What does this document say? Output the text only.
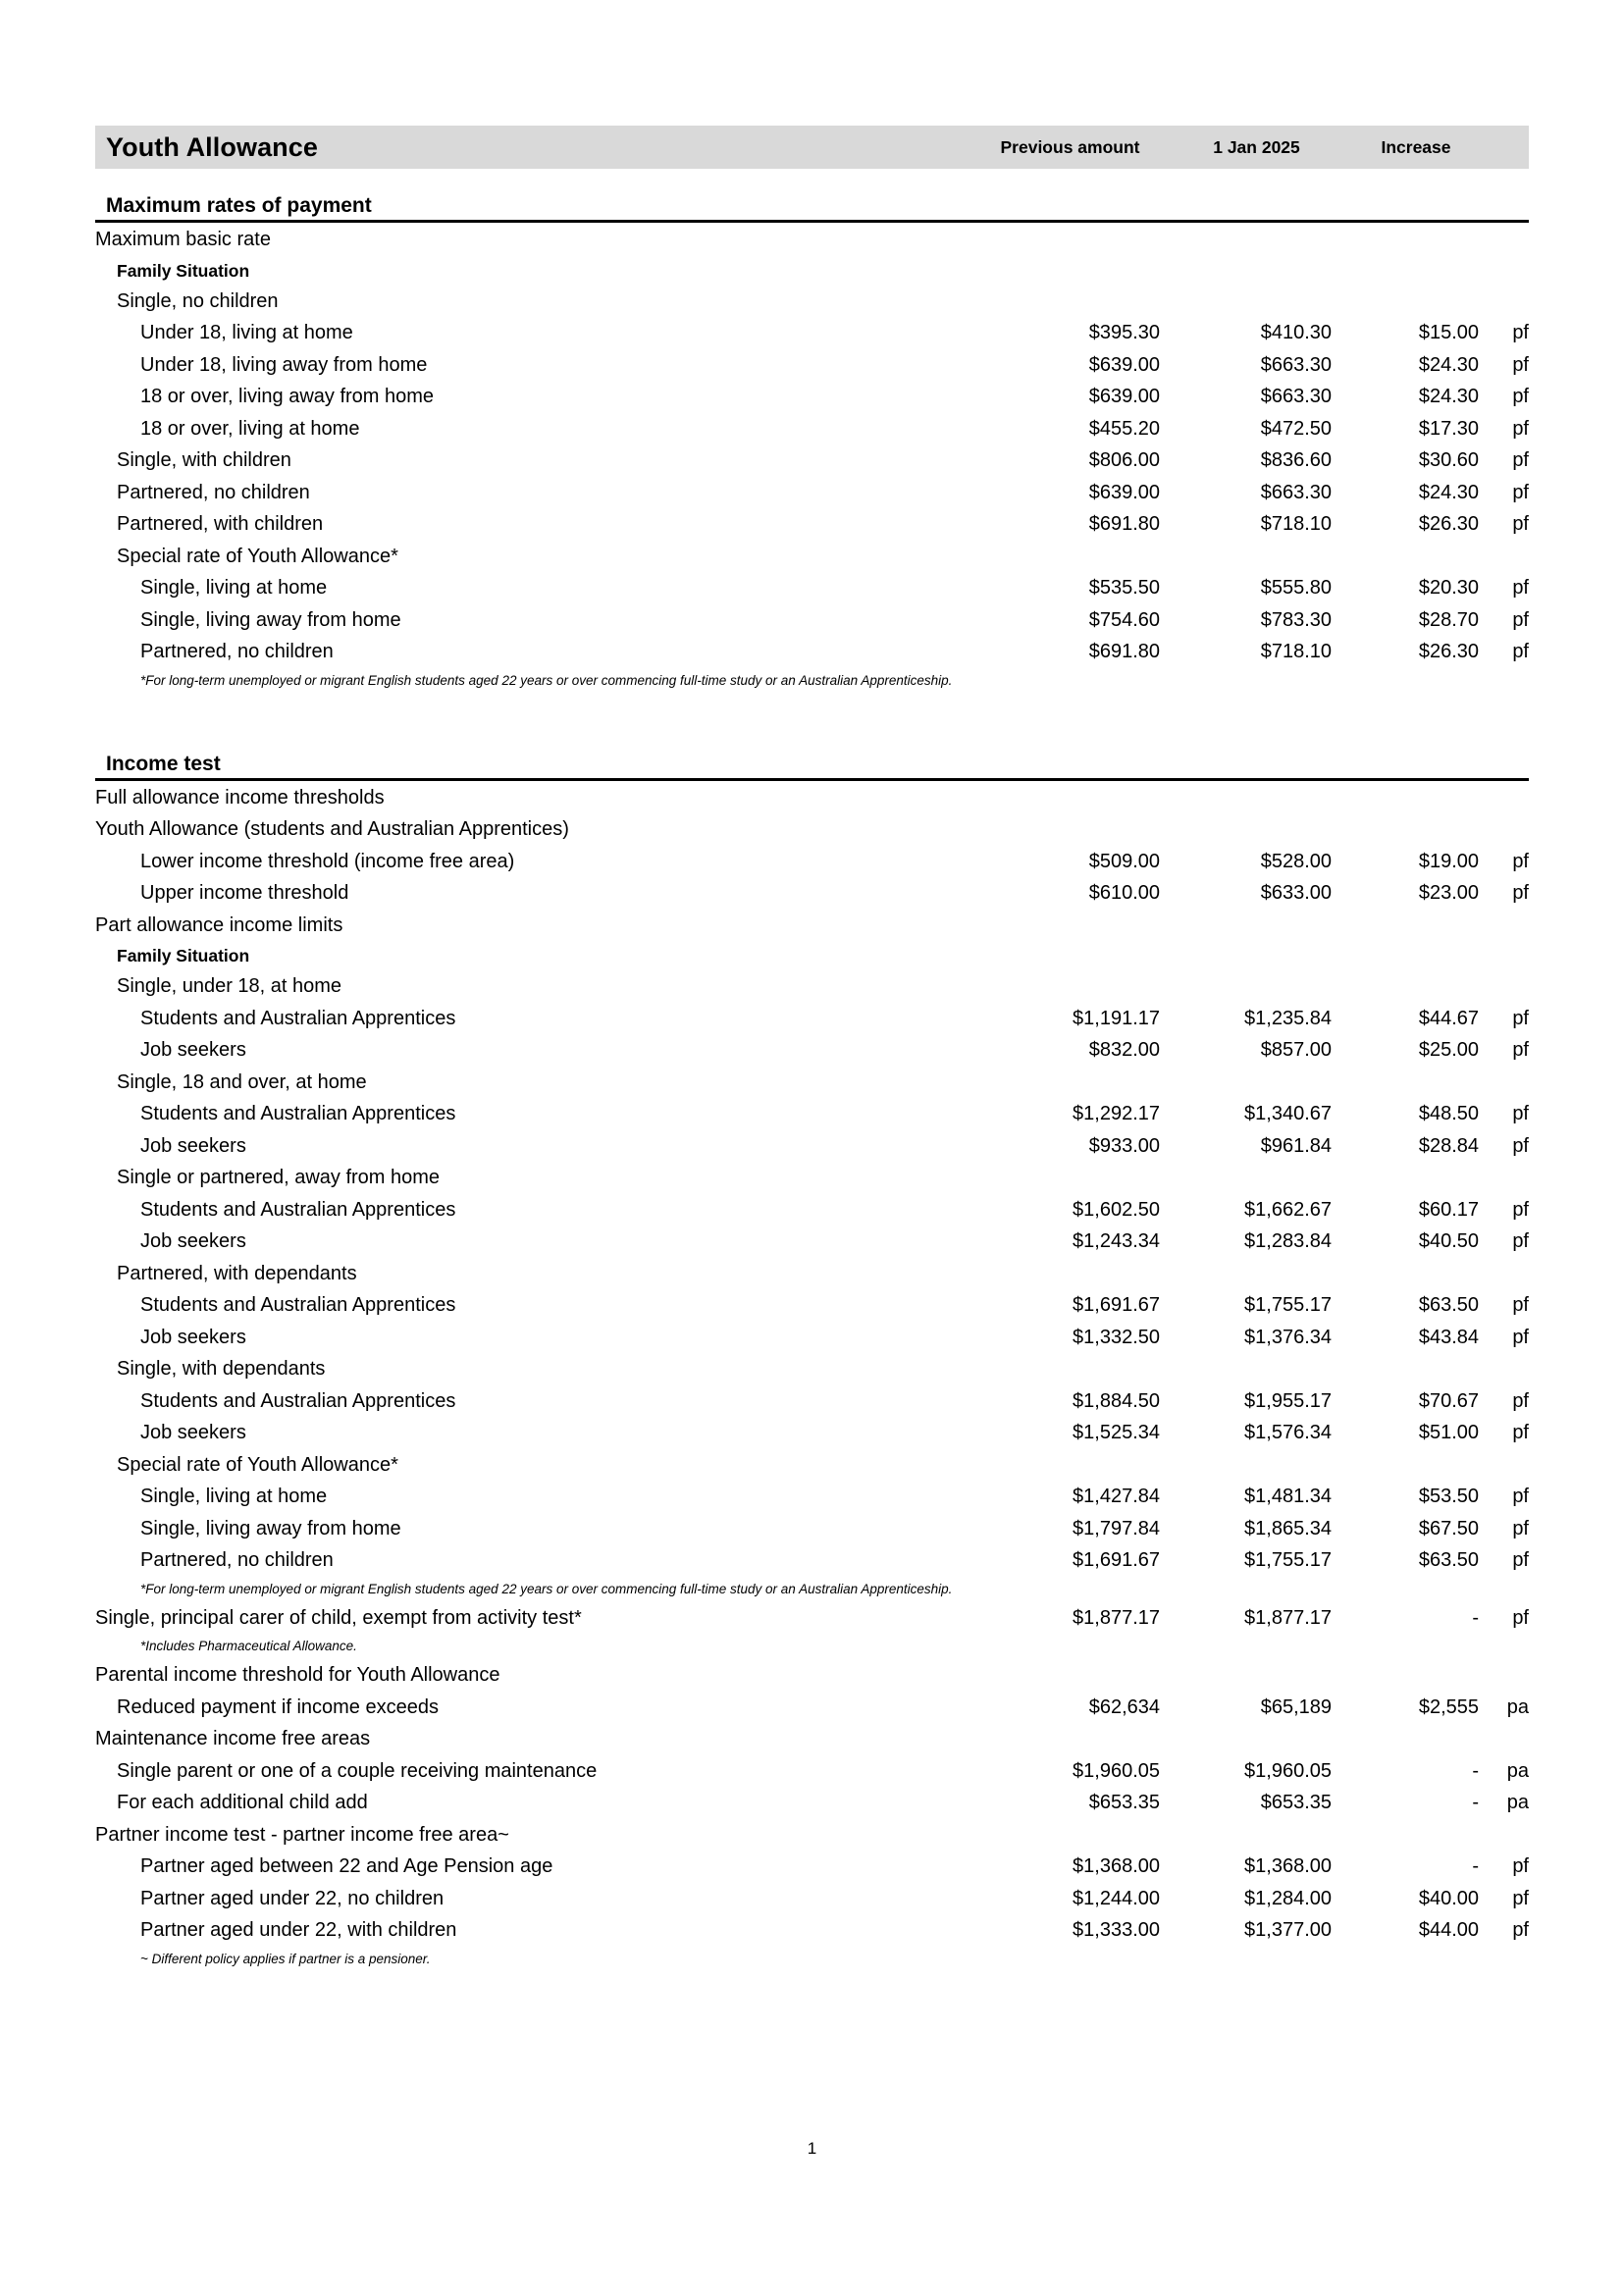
Youth Allowance	Previous amount	1 Jan 2025	Increase
Maximum rates of payment
Maximum basic rate
Family Situation
Single, no children
Under 18, living at home	$395.30	$410.30	$15.00	pf
Under 18, living away from home	$639.00	$663.30	$24.30	pf
18 or over, living away from home	$639.00	$663.30	$24.30	pf
18 or over, living at home	$455.20	$472.50	$17.30	pf
Single, with children	$806.00	$836.60	$30.60	pf
Partnered, no children	$639.00	$663.30	$24.30	pf
Partnered, with children	$691.80	$718.10	$26.30	pf
Special rate of Youth Allowance*
Single, living at home	$535.50	$555.80	$20.30	pf
Single, living away from home	$754.60	$783.30	$28.70	pf
Partnered, no children	$691.80	$718.10	$26.30	pf
*For long-term unemployed or migrant English students aged 22 years or over commencing full-time study or an Australian Apprenticeship.
Income test
Full allowance income thresholds
Youth Allowance (students and Australian Apprentices)
Lower income threshold (income free area)	$509.00	$528.00	$19.00	pf
Upper income threshold	$610.00	$633.00	$23.00	pf
Part allowance income limits
Family Situation
Single, under 18, at home
Students and Australian Apprentices	$1,191.17	$1,235.84	$44.67	pf
Job seekers	$832.00	$857.00	$25.00	pf
Single, 18 and over, at home
Students and Australian Apprentices	$1,292.17	$1,340.67	$48.50	pf
Job seekers	$933.00	$961.84	$28.84	pf
Single or partnered, away from home
Students and Australian Apprentices	$1,602.50	$1,662.67	$60.17	pf
Job seekers	$1,243.34	$1,283.84	$40.50	pf
Partnered, with dependants
Students and Australian Apprentices	$1,691.67	$1,755.17	$63.50	pf
Job seekers	$1,332.50	$1,376.34	$43.84	pf
Single, with dependants
Students and Australian Apprentices	$1,884.50	$1,955.17	$70.67	pf
Job seekers	$1,525.34	$1,576.34	$51.00	pf
Special rate of Youth Allowance*
Single, living at home	$1,427.84	$1,481.34	$53.50	pf
Single, living away from home	$1,797.84	$1,865.34	$67.50	pf
Partnered, no children	$1,691.67	$1,755.17	$63.50	pf
*For long-term unemployed or migrant English students aged 22 years or over commencing full-time study or an Australian Apprenticeship.
Single, principal carer of child, exempt from activity test*	$1,877.17	$1,877.17	-	pf
*Includes Pharmaceutical Allowance.
Parental income threshold for Youth Allowance
Reduced payment if income exceeds	$62,634	$65,189	$2,555	pa
Maintenance income free areas
Single parent or one of a couple receiving maintenance	$1,960.05	$1,960.05	-	pa
For each additional child add	$653.35	$653.35	-	pa
Partner income test - partner income free area~
Partner aged between 22 and Age Pension age	$1,368.00	$1,368.00	-	pf
Partner aged under 22, no children	$1,244.00	$1,284.00	$40.00	pf
Partner aged under 22, with children	$1,333.00	$1,377.00	$44.00	pf
~ Different policy applies if partner is a pensioner.
1
